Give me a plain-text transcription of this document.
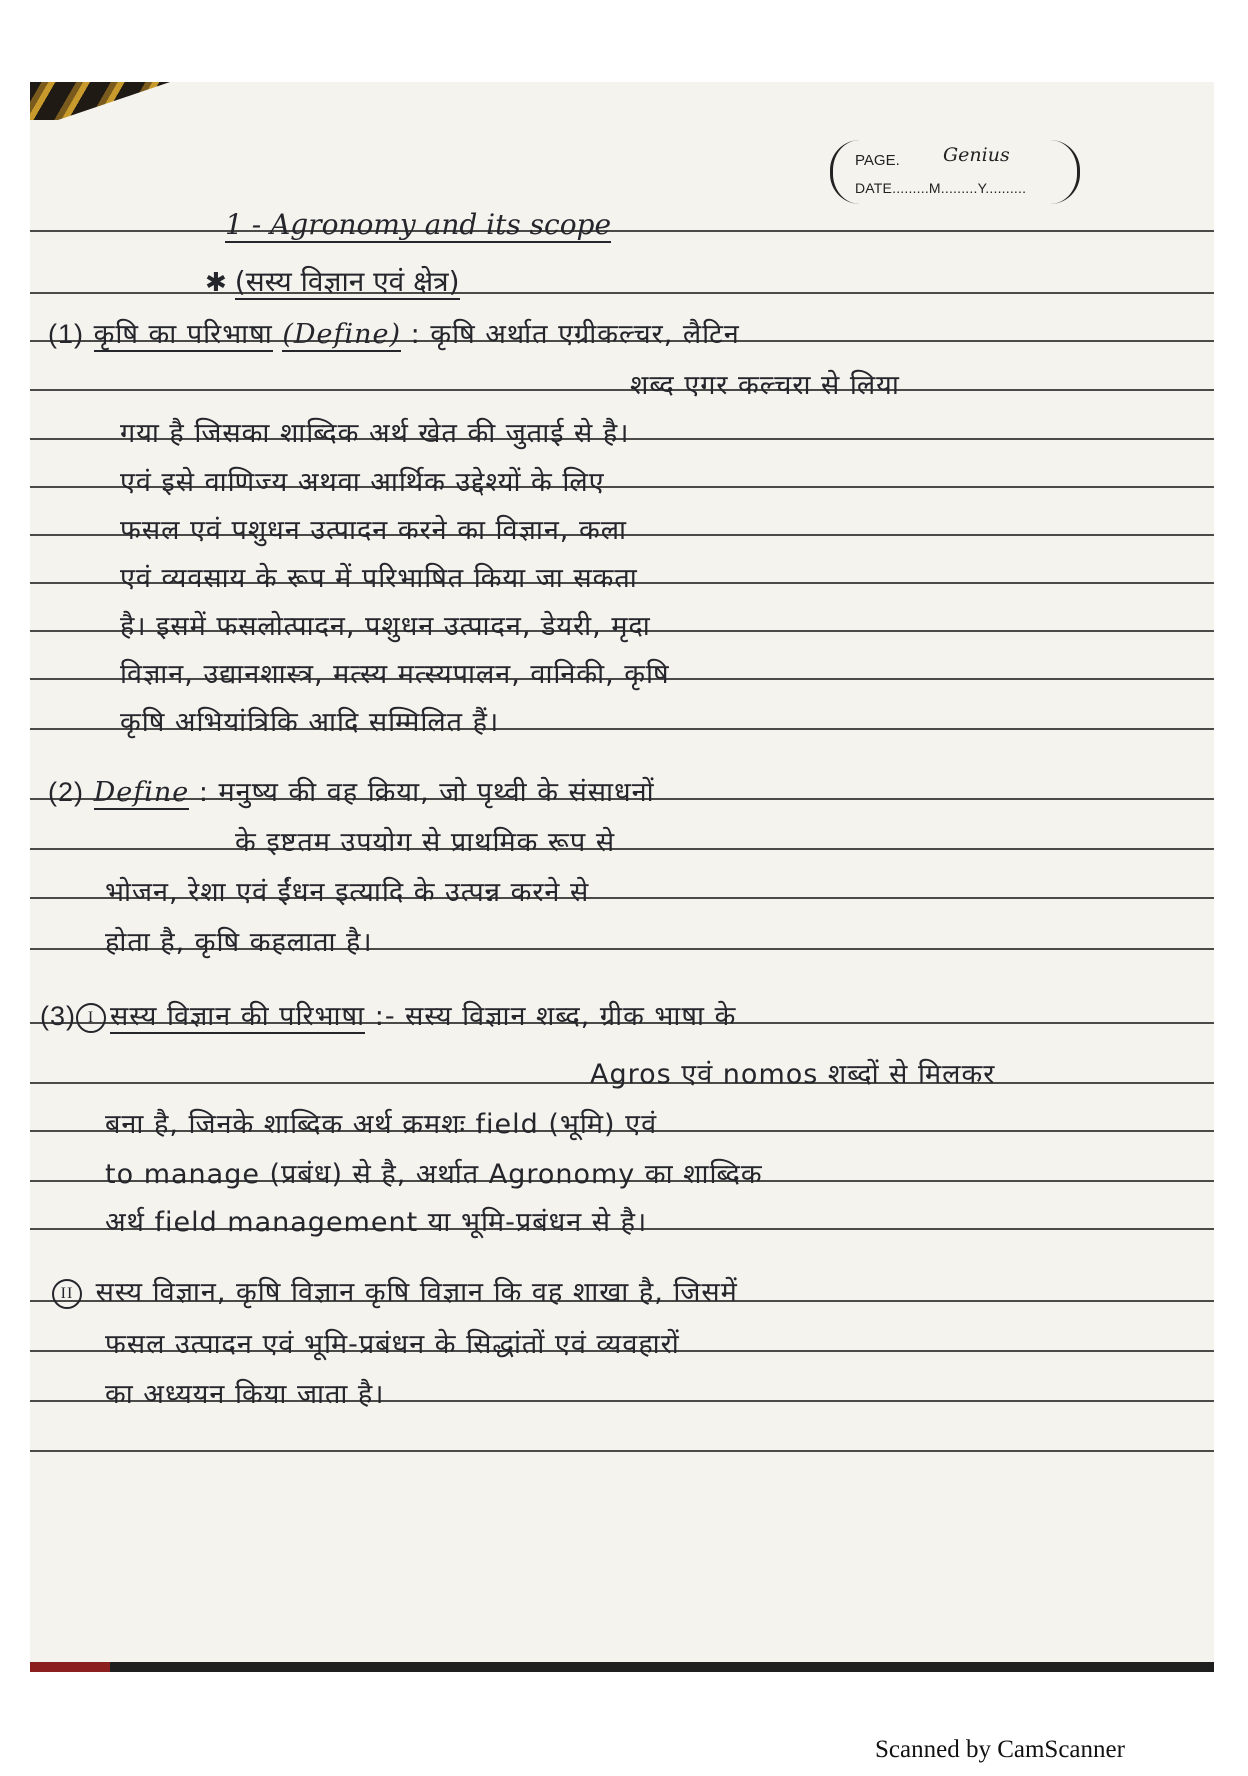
PAGE. Genius
DATE.........M.........Y..........
1 - Agronomy and its scope
✱ (सस्य विज्ञान एवं क्षेत्र)
(1) कृषि का परिभाषा (Define) : कृषि अर्थात एग्रीकल्चर, लैटिन
शब्द एगर कल्चरा से लिया
गया है जिसका शाब्दिक अर्थ खेत की जुताई से है।
एवं इसे वाणिज्य अथवा आर्थिक उद्देश्यों के लिए
फसल एवं पशुधन उत्पादन करने का विज्ञान, कला
एवं व्यवसाय के रूप में परिभाषित किया जा सकता
है। इसमें फसलोत्पादन, पशुधन उत्पादन, डेयरी, मृदा
विज्ञान, उद्यानशास्त्र, मत्स्य मत्स्यपालन, वानिकी, कृषि
कृषि अभियांत्रिकि आदि सम्मिलित हैं।
(2) Define : मनुष्य की वह क्रिया, जो पृथ्वी के संसाधनों
के इष्टतम उपयोग से प्राथमिक रूप से
भोजन, रेशा एवं ईंधन इत्यादि के उत्पन्न करने से
होता है, कृषि कहलाता है।
(3) I सस्य विज्ञान की परिभाषा :- सस्य विज्ञान शब्द, ग्रीक भाषा के
Agros एवं nomos शब्दों से मिलकर
बना है, जिनके शाब्दिक अर्थ क्रमशः field (भूमि) एवं
to manage (प्रबंध) से है, अर्थात Agronomy का शाब्दिक
अर्थ field management या भूमि-प्रबंधन से है।
II सस्य विज्ञान, कृषि विज्ञान कृषि विज्ञान कि वह शाखा है, जिसमें
फसल उत्पादन एवं भूमि-प्रबंधन के सिद्धांतों एवं व्यवहारों
का अध्ययन किया जाता है।
Scanned by CamScanner
